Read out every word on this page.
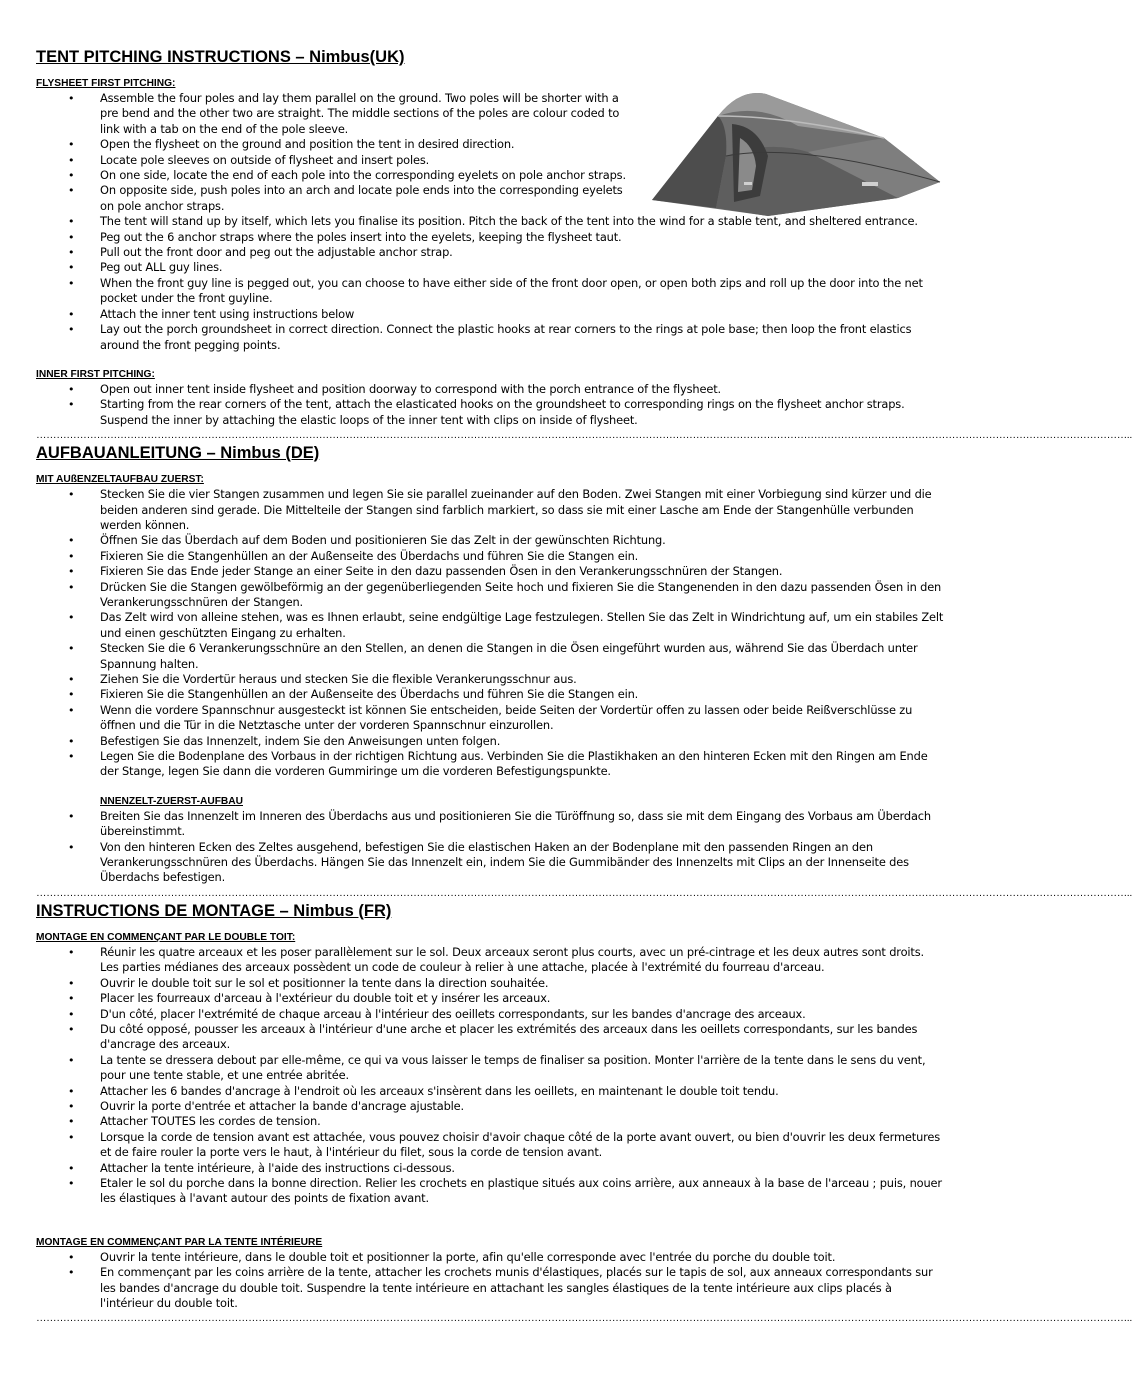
TENT PITCHING INSTRUCTIONS – Nimbus(UK)
FLYSHEET FIRST PITCHING:
• Assemble the four poles and lay them parallel on the ground. Two poles will be shorter with a pre bend and the other two are straight. The middle sections of the poles are colour coded to link with a tab on the end of the pole sleeve.
• Open the flysheet on the ground and position the tent in desired direction.
• Locate pole sleeves on outside of flysheet and insert poles.
• On one side, locate the end of each pole into the corresponding eyelets on pole anchor straps.
• On opposite side, push poles into an arch and locate pole ends into the corresponding eyelets on pole anchor straps.
• The tent will stand up by itself, which lets you finalise its position. Pitch the back of the tent into the wind for a stable tent, and sheltered entrance.
• Peg out the 6 anchor straps where the poles insert into the eyelets, keeping the flysheet taut.
• Pull out the front door and peg out the adjustable anchor strap.
• Peg out ALL guy lines.
• When the front guy line is pegged out, you can choose to have either side of the front door open, or open both zips and roll up the door into the net pocket under the front guyline.
• Attach the inner tent using instructions below
• Lay out the porch groundsheet in correct direction. Connect the plastic hooks at rear corners to the rings at pole base; then loop the front elastics around the front pegging points.
INNER FIRST PITCHING:
• Open out inner tent inside flysheet and position doorway to correspond with the porch entrance of the flysheet.
• Starting from the rear corners of the tent, attach the elasticated hooks on the groundsheet to corresponding rings on the flysheet anchor straps. Suspend the inner by attaching the elastic loops of the inner tent with clips on inside of flysheet.
………………………………………………………………………………………………………………………………………………………………………………………………………………………………………………………………………………………………..
AUFBAUANLEITUNG – Nimbus (DE)
MIT AUßENZELTAUFBAU ZUERST:
• Stecken Sie die vier Stangen zusammen und legen Sie sie parallel zueinander auf den Boden. Zwei Stangen mit einer Vorbiegung sind kürzer und die beiden anderen sind gerade. Die Mittelteile der Stangen sind farblich markiert, so dass sie mit einer Lasche am Ende der Stangenhülle verbunden werden können.
• Öffnen Sie das Überdach auf dem Boden und positionieren Sie das Zelt in der gewünschten Richtung.
• Fixieren Sie die Stangenhüllen an der Außenseite des Überdachs und führen Sie die Stangen ein.
• Fixieren Sie das Ende jeder Stange an einer Seite in den dazu passenden Ösen in den Verankerungsschnüren der Stangen.
• Drücken Sie die Stangen gewölbeförmig an der gegenüberliegenden Seite hoch und fixieren Sie die Stangenenden in den dazu passenden Ösen in den Verankerungsschnüren der Stangen.
• Das Zelt wird von alleine stehen, was es Ihnen erlaubt, seine endgültige Lage festzulegen. Stellen Sie das Zelt in Windrichtung auf, um ein stabiles Zelt und einen geschützten Eingang zu erhalten.
• Stecken Sie die 6 Verankerungsschnüre an den Stellen, an denen die Stangen in die Ösen eingeführt wurden aus, während Sie das Überdach unter Spannung halten.
• Ziehen Sie die Vordertür heraus und stecken Sie die flexible Verankerungsschnur aus.
• Fixieren Sie die Stangenhüllen an der Außenseite des Überdachs und führen Sie die Stangen ein.
• Wenn die vordere Spannschnur ausgesteckt ist können Sie entscheiden, beide Seiten der Vordertür offen zu lassen oder beide Reißverschlüsse zu öffnen und die Tür in die Netztasche unter der vorderen Spannschnur einzurollen.
• Befestigen Sie das Innenzelt, indem Sie den Anweisungen unten folgen.
• Legen Sie die Bodenplane des Vorbaus in der richtigen Richtung aus. Verbinden Sie die Plastikhaken an den hinteren Ecken mit den Ringen am Ende der Stange, legen Sie dann die vorderen Gummiringe um die vorderen Befestigungspunkte.
NNENZELT-ZUERST-AUFBAU
• Breiten Sie das Innenzelt im Inneren des Überdachs aus und positionieren Sie die Türöffnung so, dass sie mit dem Eingang des Vorbaus am Überdach übereinstimmt.
• Von den hinteren Ecken des Zeltes ausgehend, befestigen Sie die elastischen Haken an der Bodenplane mit den passenden Ringen an den Verankerungsschnüren des Überdachs. Hängen Sie das Innenzelt ein, indem Sie die Gummibänder des Innenzelts mit Clips an der Innenseite des Überdachs befestigen.
………………………………………………………………………………………………………………………………………………………………………………………………………………………………………………………………………………………………..
INSTRUCTIONS DE MONTAGE – Nimbus (FR)
MONTAGE EN COMMENÇANT PAR LE DOUBLE TOIT:
• Réunir les quatre arceaux et les poser parallèlement sur le sol. Deux arceaux seront plus courts, avec un pré-cintrage et les deux autres sont droits. Les parties médianes des arceaux possèdent un code de couleur à relier à une attache, placée à l'extrémité du fourreau d'arceau.
• Ouvrir le double toit sur le sol et positionner la tente dans la direction souhaitée.
• Placer les fourreaux d'arceau à l'extérieur du double toit et y insérer les arceaux.
• D'un côté, placer l'extrémité de chaque arceau à l'intérieur des oeillets correspondants, sur les bandes d'ancrage des arceaux.
• Du côté opposé, pousser les arceaux à l'intérieur d'une arche et placer les extrémités des arceaux dans les oeillets correspondants, sur les bandes d'ancrage des arceaux.
• La tente se dressera debout par elle-même, ce qui va vous laisser le temps de finaliser sa position. Monter l'arrière de la tente dans le sens du vent, pour une tente stable, et une entrée abritée.
• Attacher les 6 bandes d'ancrage à l'endroit où les arceaux s'insèrent dans les oeillets, en maintenant le double toit tendu.
• Ouvrir la porte d'entrée et attacher la bande d'ancrage ajustable.
• Attacher TOUTES les cordes de tension.
• Lorsque la corde de tension avant est attachée, vous pouvez choisir d'avoir chaque côté de la porte avant ouvert, ou bien d'ouvrir les deux fermetures et de faire rouler la porte vers le haut, à l'intérieur du filet, sous la corde de tension avant.
• Attacher la tente intérieure, à l'aide des instructions ci-dessous.
• Etaler le sol du porche dans la bonne direction. Relier les crochets en plastique situés aux coins arrière, aux anneaux à la base de l'arceau ; puis, nouer les élastiques à l'avant autour des points de fixation avant.
MONTAGE EN COMMENÇANT PAR LA TENTE INTÉRIEURE
• Ouvrir la tente intérieure, dans le double toit et positionner la porte, afin qu'elle corresponde avec l'entrée du porche du double toit.
• En commençant par les coins arrière de la tente, attacher les crochets munis d'élastiques, placés sur le tapis de sol, aux anneaux correspondants sur les bandes d'ancrage du double toit. Suspendre la tente intérieure en attachant les sangles élastiques de la tente intérieure aux clips placés à l'intérieur du double toit.
………………………………………………………………………………………………………………………………………………………………………………………………………………………………………………………………………………………………..
